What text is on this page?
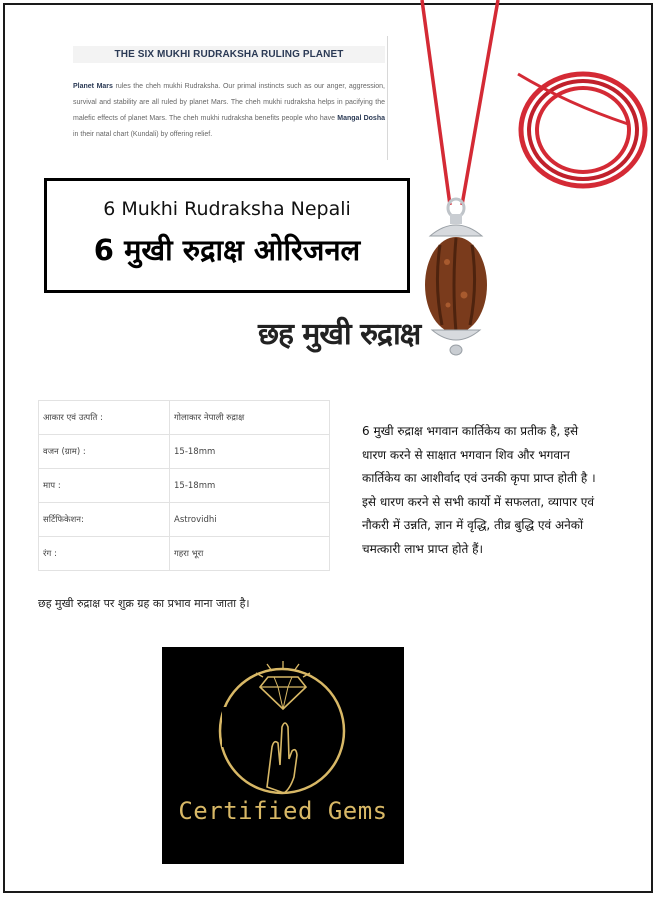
THE SIX MUKHI RUDRAKSHA RULING PLANET
Planet Mars rules the cheh mukhi Rudraksha. Our primal instincts such as our anger, aggression, survival and stability are all ruled by planet Mars. The cheh mukhi rudraksha helps in pacifying the malefic effects of planet Mars. The cheh mukhi rudraksha benefits people who have Mangal Dosha in their natal chart (Kundali) by offering relief.
6 Mukhi Rudraksha Nepali
6 मुखी रुद्राक्ष ओरिजनल
छह मुखी रुद्राक्ष
आकार एवं उत्पति :	गोलाकार नेपाली रुद्राक्ष
वजन (ग्राम) :	15-18mm
माप :	15-18mm
सर्टिफिकेशन:	Astrovidhi
रंग :	गहरा भूरा
छह मुखी रुद्राक्ष पर शुक्र ग्रह का प्रभाव माना जाता है।
6 मुखी रुद्राक्ष भगवान कार्तिकेय का प्रतीक है, इसे धारण करने से साक्षात भगवान शिव और भगवान कार्तिकेय का आशीर्वाद एवं उनकी कृपा प्राप्त होती है । इसे धारण करने से सभी कार्यो में सफलता, व्यापार एवं नौकरी में उन्नति, ज्ञान में वृद्धि, तीव्र बुद्धि एवं अनेकों चमत्कारी लाभ प्राप्त होते हैं।
Certified Gems
